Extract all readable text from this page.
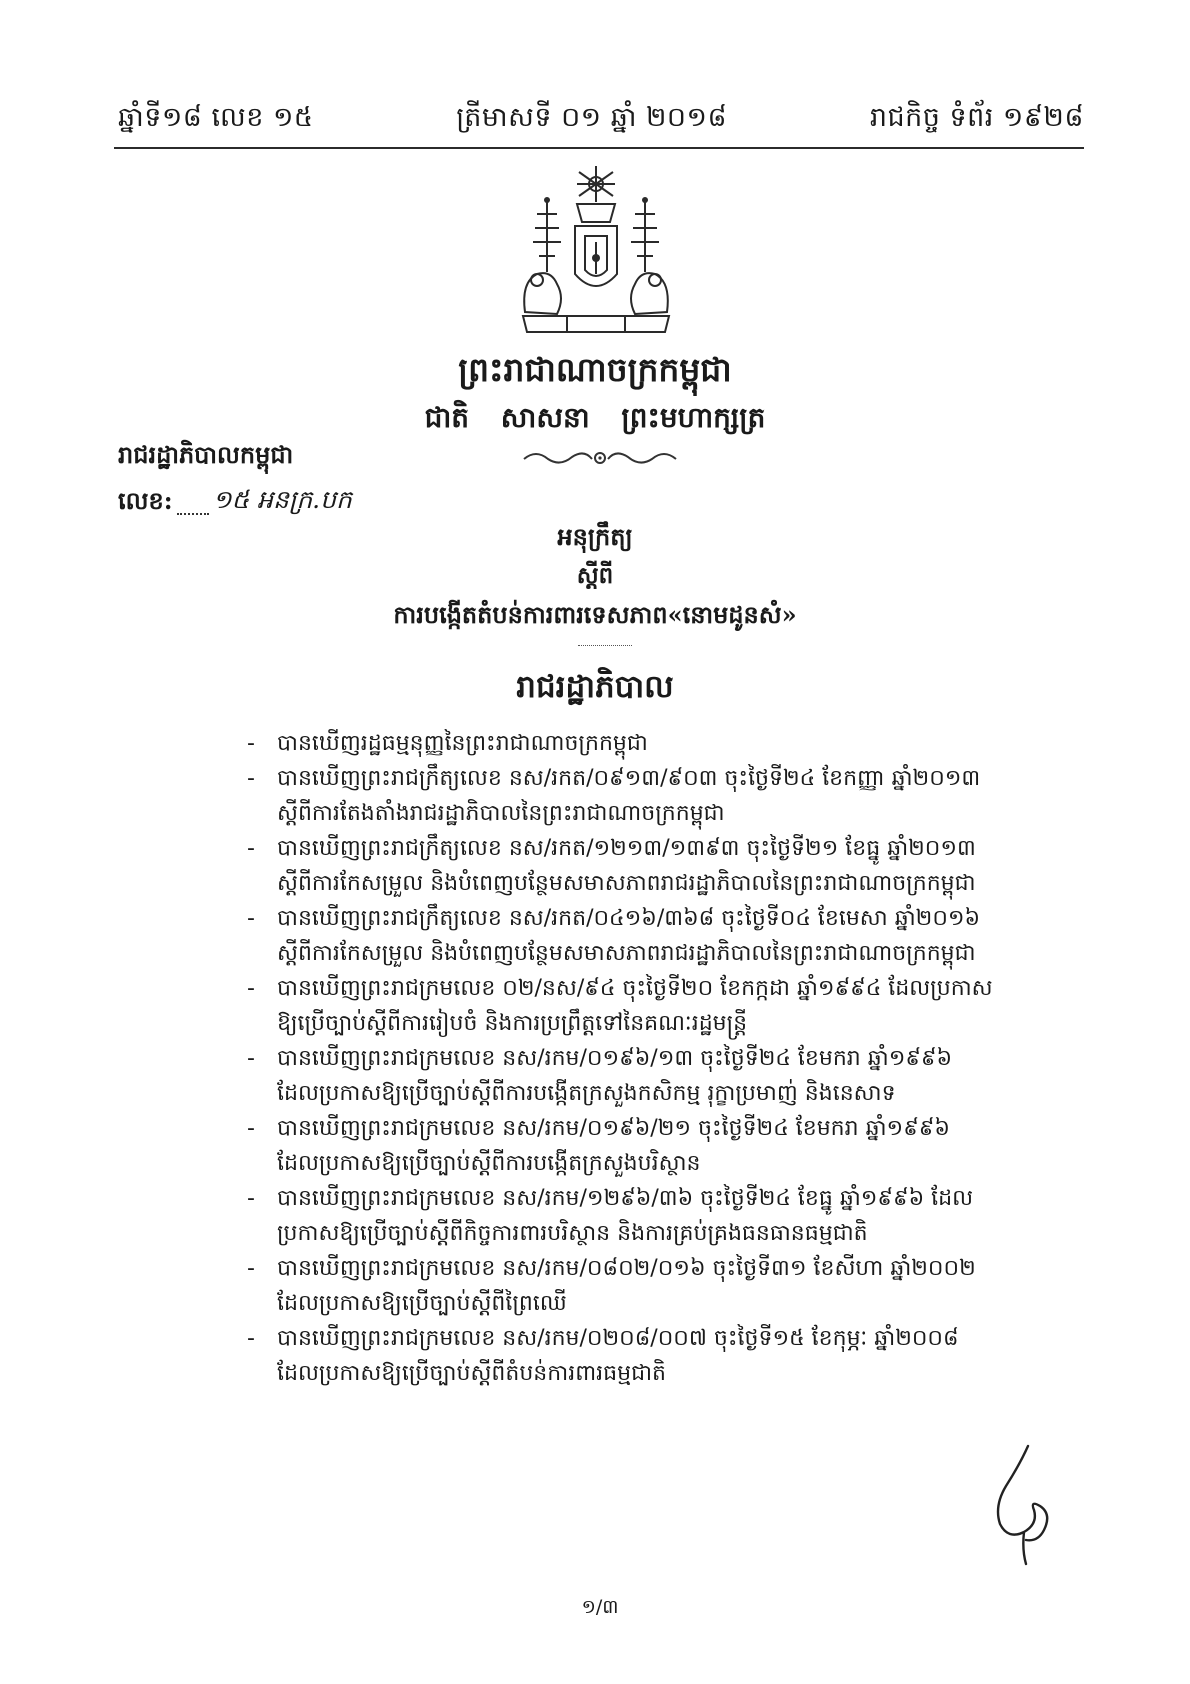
ឆ្នាំទី១៨ លេខ ១៥	ត្រីមាសទី ០១ ឆ្នាំ ២០១៨	រាជកិច្ច ទំព័រ ១៩២៨
ព្រះរាជាណាចក្រកម្ពុជា
ជាតិ សាសនា ព្រះមហាក្សត្រ
រាជរដ្ឋាភិបាលកម្ពុជា
លេខ: ១៥ អនក្រ.បក
អនុក្រឹត្យ
ស្តីពី
ការបង្កើតតំបន់ការពារទេសភាព«នោមដូនសំ»
រាជរដ្ឋាភិបាល
- បានឃើញរដ្ឋធម្មនុញ្ញនៃព្រះរាជាណាចក្រកម្ពុជា
- បានឃើញព្រះរាជក្រឹត្យលេខ នស/រកត/០៩១៣/៩០៣ ចុះថ្ងៃទី២៤ ខែកញ្ញា ឆ្នាំ២០១៣
ស្តីពីការតែងតាំងរាជរដ្ឋាភិបាលនៃព្រះរាជាណាចក្រកម្ពុជា
- បានឃើញព្រះរាជក្រឹត្យលេខ នស/រកត/១២១៣/១៣៩៣ ចុះថ្ងៃទី២១ ខែធ្នូ ឆ្នាំ២០១៣
ស្តីពីការកែសម្រួល និងបំពេញបន្ថែមសមាសភាពរាជរដ្ឋាភិបាលនៃព្រះរាជាណាចក្រកម្ពុជា
- បានឃើញព្រះរាជក្រឹត្យលេខ នស/រកត/០៤១៦/៣៦៨ ចុះថ្ងៃទី០៤ ខែមេសា ឆ្នាំ២០១៦
ស្តីពីការកែសម្រួល និងបំពេញបន្ថែមសមាសភាពរាជរដ្ឋាភិបាលនៃព្រះរាជាណាចក្រកម្ពុជា
- បានឃើញព្រះរាជក្រមលេខ ០២/នស/៩៤ ចុះថ្ងៃទី២០ ខែកក្កដា ឆ្នាំ១៩៩៤ ដែលប្រកាស
ឱ្យប្រើច្បាប់ស្តីពីការរៀបចំ និងការប្រព្រឹត្តទៅនៃគណៈរដ្ឋមន្ត្រី
- បានឃើញព្រះរាជក្រមលេខ នស/រកម/០១៩៦/១៣ ចុះថ្ងៃទី២៤ ខែមករា ឆ្នាំ១៩៩៦
ដែលប្រកាសឱ្យប្រើច្បាប់ស្តីពីការបង្កើតក្រសួងកសិកម្ម រុក្ខាប្រមាញ់ និងនេសាទ
- បានឃើញព្រះរាជក្រមលេខ នស/រកម/០១៩៦/២១ ចុះថ្ងៃទី២៤ ខែមករា ឆ្នាំ១៩៩៦
ដែលប្រកាសឱ្យប្រើច្បាប់ស្តីពីការបង្កើតក្រសួងបរិស្ថាន
- បានឃើញព្រះរាជក្រមលេខ នស/រកម/១២៩៦/៣៦ ចុះថ្ងៃទី២៤ ខែធ្នូ ឆ្នាំ១៩៩៦ ដែល
ប្រកាសឱ្យប្រើច្បាប់ស្តីពីកិច្ចការពារបរិស្ថាន និងការគ្រប់គ្រងធនធានធម្មជាតិ
- បានឃើញព្រះរាជក្រមលេខ នស/រកម/០៨០២/០១៦ ចុះថ្ងៃទី៣១ ខែសីហា ឆ្នាំ២០០២
ដែលប្រកាសឱ្យប្រើច្បាប់ស្តីពីព្រៃឈើ
- បានឃើញព្រះរាជក្រមលេខ នស/រកម/០២០៨/០០៧ ចុះថ្ងៃទី១៥ ខែកុម្ភៈ ឆ្នាំ២០០៨
ដែលប្រកាសឱ្យប្រើច្បាប់ស្តីពីតំបន់ការពារធម្មជាតិ
១/៣
